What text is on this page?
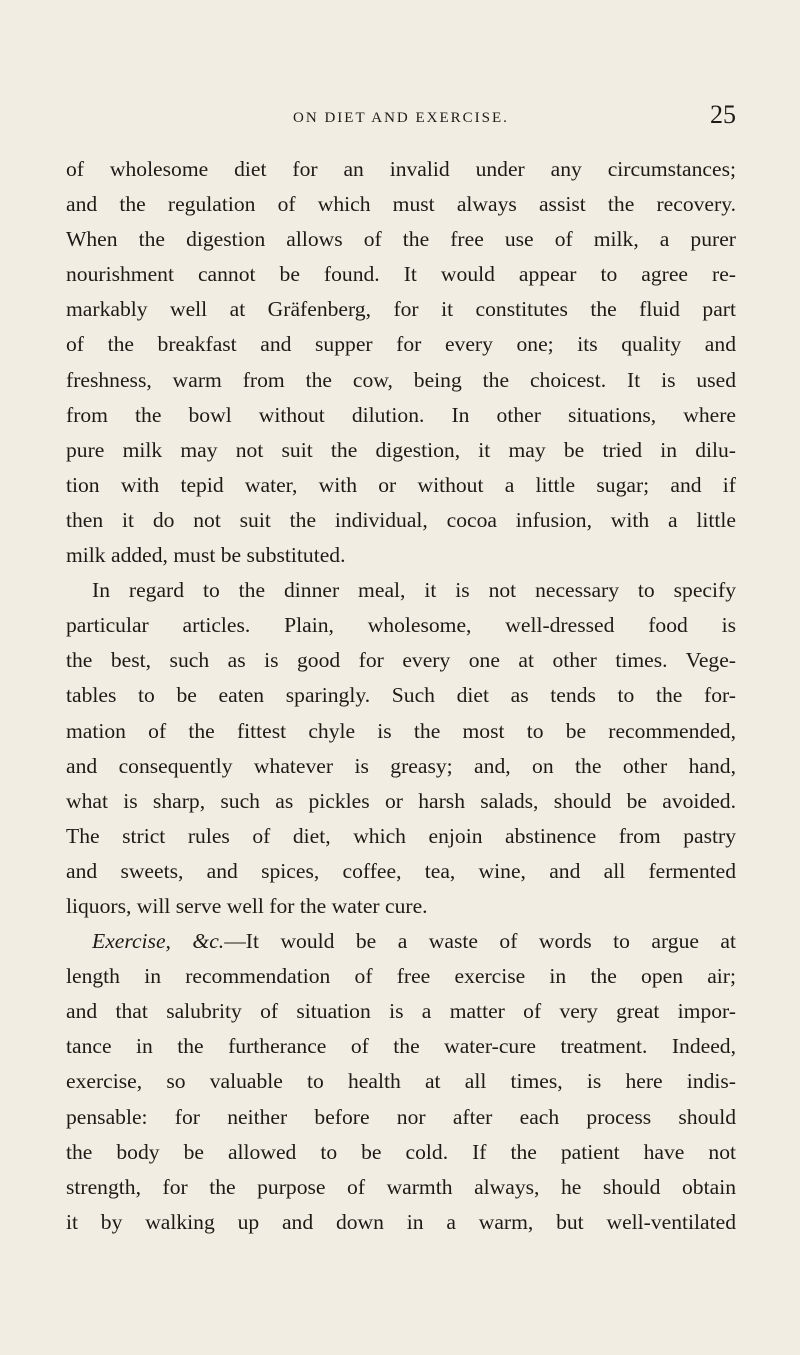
ON DIET AND EXERCISE.	25

of wholesome diet for an invalid under any circumstances;

and the regulation of which must always assist the recovery.

When the digestion allows of the free use of milk, a purer

nourishment cannot be found. It would appear to agree re-

markably well at Gräfenberg, for it constitutes the fluid part

of the breakfast and supper for every one; its quality and

freshness, warm from the cow, being the choicest. It is used

from the bowl without dilution. In other situations, where

pure milk may not suit the digestion, it may be tried in dilu-

tion with tepid water, with or without a little sugar; and if

then it do not suit the individual, cocoa infusion, with a little

milk added, must be substituted.

In regard to the dinner meal, it is not necessary to specify

particular articles. Plain, wholesome, well-dressed food is

the best, such as is good for every one at other times. Vege-

tables to be eaten sparingly. Such diet as tends to the for-

mation of the fittest chyle is the most to be recommended,

and consequently whatever is greasy; and, on the other hand,

what is sharp, such as pickles or harsh salads, should be avoided.

The strict rules of diet, which enjoin abstinence from pastry

and sweets, and spices, coffee, tea, wine, and all fermented

liquors, will serve well for the water cure.

Exercise, &c.—It would be a waste of words to argue at

length in recommendation of free exercise in the open air;

and that salubrity of situation is a matter of very great impor-

tance in the furtherance of the water-cure treatment. Indeed,

exercise, so valuable to health at all times, is here indis-

pensable: for neither before nor after each process should

the body be allowed to be cold. If the patient have not

strength, for the purpose of warmth always, he should obtain

it by walking up and down in a warm, but well-ventilated
